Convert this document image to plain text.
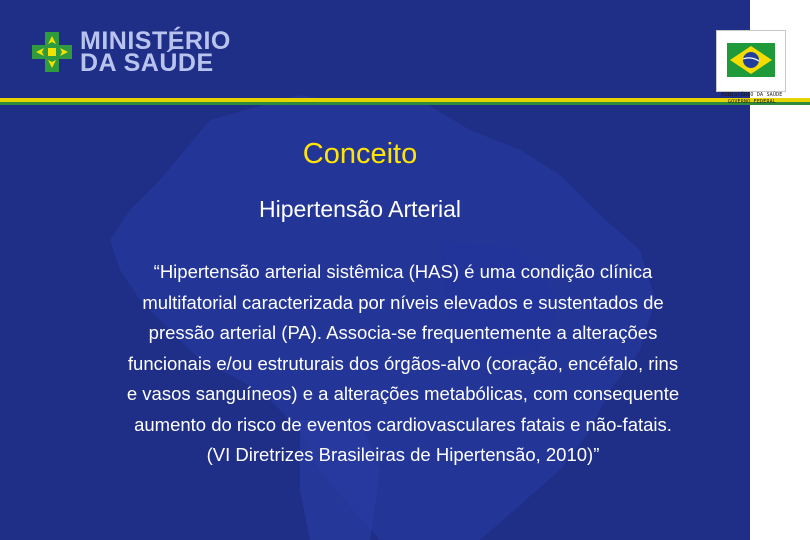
MINISTÉRIO
DA SAÚDE
MINISTÉRIO DA SAÚDE
GOVERNO FEDERAL
Conceito
Hipertensão Arterial
“Hipertensão arterial sistêmica (HAS) é uma condição clínica
multifatorial caracterizada por níveis elevados e sustentados de
pressão arterial (PA). Associa-se frequentemente a alterações
funcionais e/ou estruturais dos órgãos-alvo (coração, encéfalo, rins
e vasos sanguíneos) e a alterações metabólicas, com consequente
aumento do risco de eventos cardiovasculares fatais e não-fatais.
(VI Diretrizes Brasileiras de Hipertensão, 2010)”
